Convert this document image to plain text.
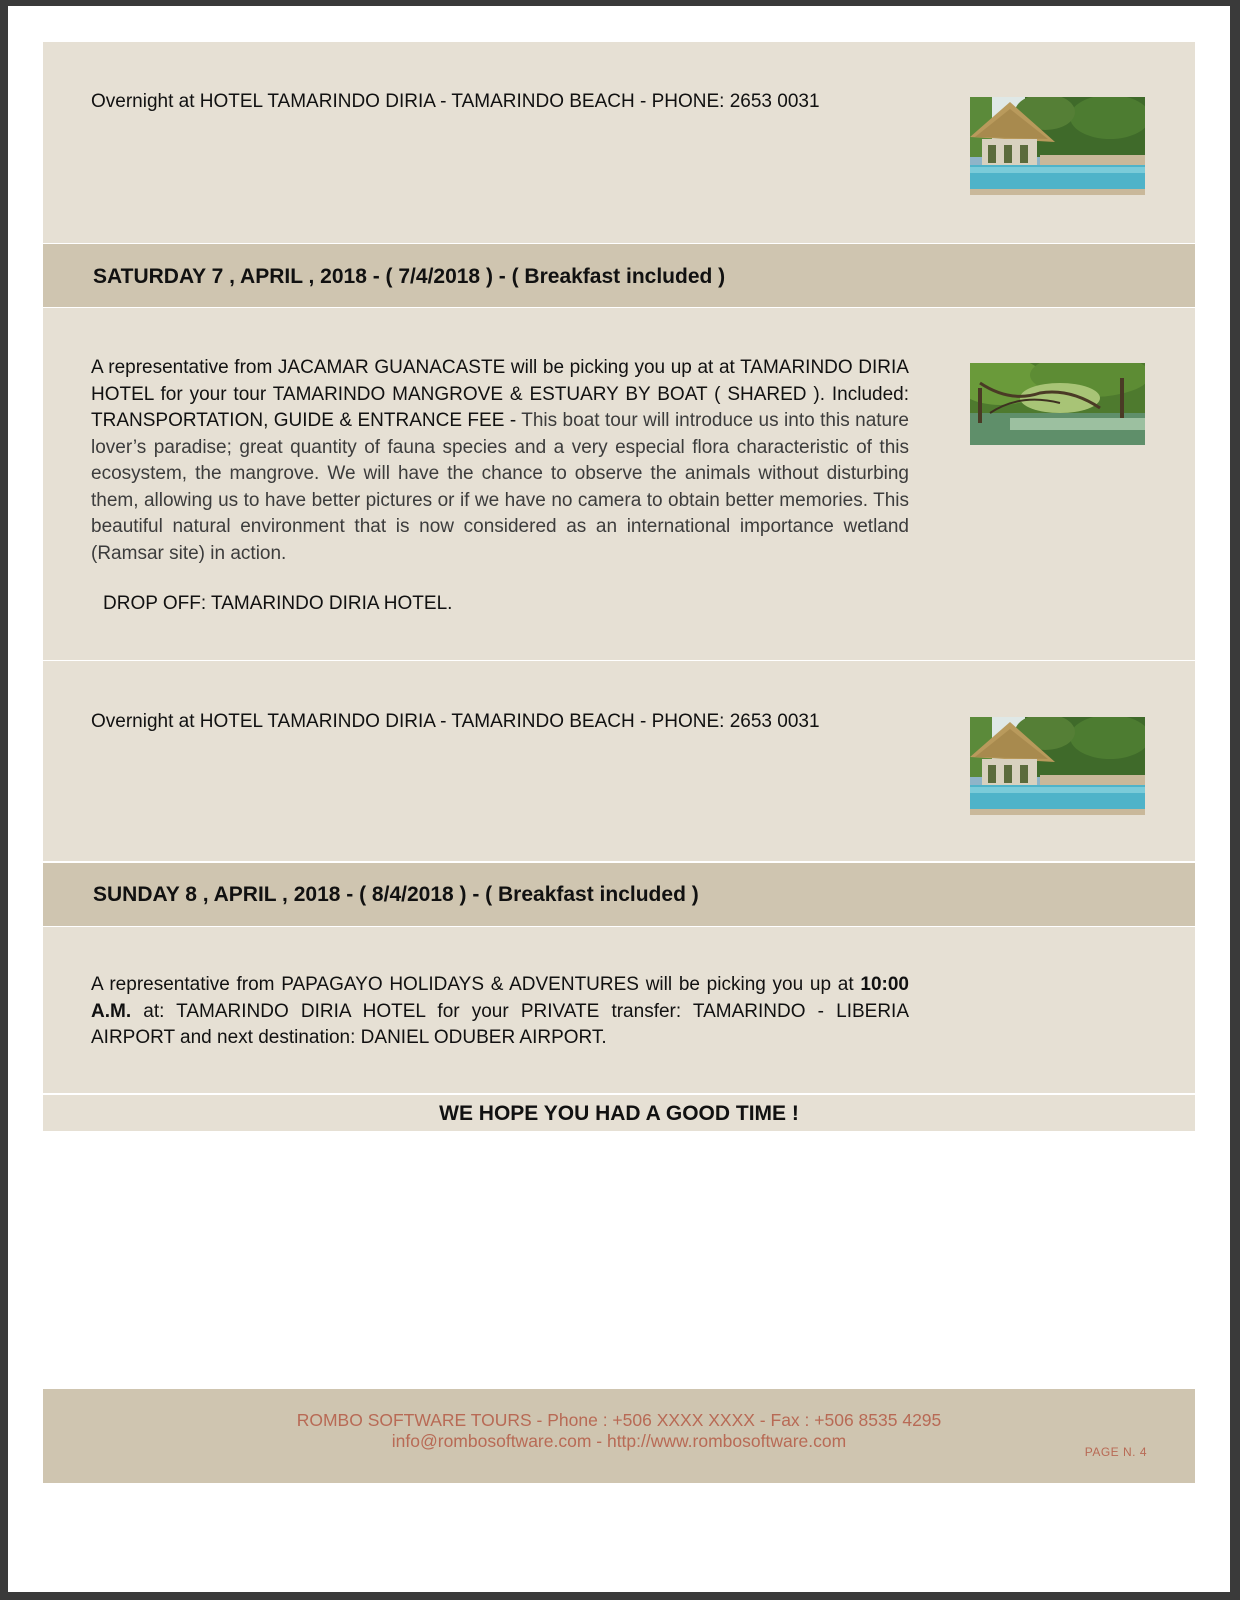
Overnight at HOTEL TAMARINDO DIRIA - TAMARINDO BEACH - PHONE: 2653 0031
SATURDAY 7 , APRIL , 2018 - ( 7/4/2018 ) - ( Breakfast included )
A representative from JACAMAR GUANACASTE will be picking you up at at TAMARINDO DIRIA HOTEL for your tour TAMARINDO MANGROVE & ESTUARY BY BOAT ( SHARED ). Included: TRANSPORTATION, GUIDE & ENTRANCE FEE - This boat tour will introduce us into this nature lover’s paradise; great quantity of fauna species and a very especial flora characteristic of this ecosystem, the mangrove. We will have the chance to observe the animals without disturbing them, allowing us to have better pictures or if we have no camera to obtain better memories. This beautiful natural environment that is now considered as an international importance wetland (Ramsar site) in action.
DROP OFF: TAMARINDO DIRIA HOTEL.
Overnight at HOTEL TAMARINDO DIRIA - TAMARINDO BEACH - PHONE: 2653 0031
SUNDAY 8 , APRIL , 2018 - ( 8/4/2018 ) - ( Breakfast included )
A representative from PAPAGAYO HOLIDAYS & ADVENTURES will be picking you up at 10:00 A.M. at: TAMARINDO DIRIA HOTEL for your PRIVATE transfer: TAMARINDO - LIBERIA AIRPORT and next destination: DANIEL ODUBER AIRPORT.
WE HOPE YOU HAD A GOOD TIME !
ROMBO SOFTWARE TOURS - Phone : +506 XXXX XXXX - Fax : +506 8535 4295
info@rombosoftware.com - http://www.rombosoftware.com
PAGE N. 4
